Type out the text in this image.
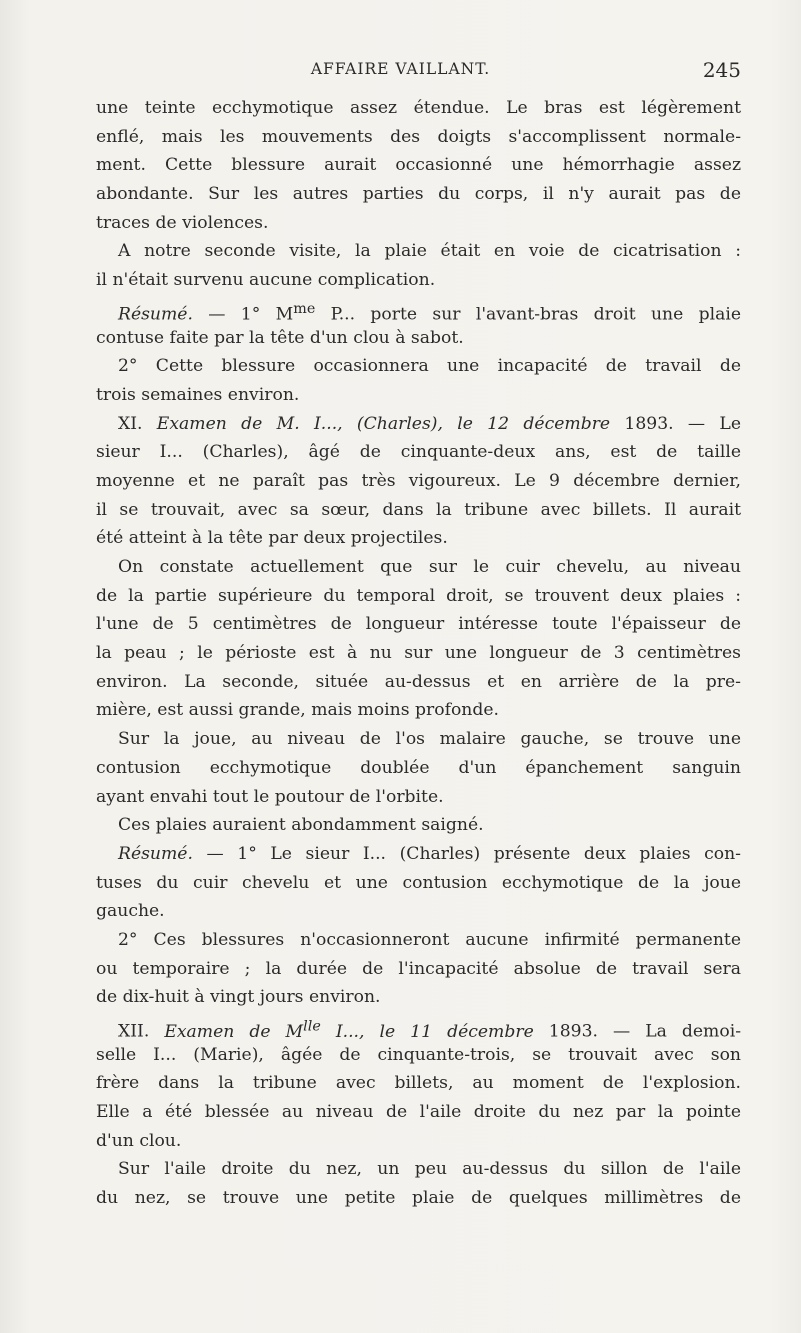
AFFAIRE VAILLANT.	245
une teinte ecchymotique assez étendue. Le bras est légèrement
enflé, mais les mouvements des doigts s'accomplissent normale-
ment. Cette blessure aurait occasionné une hémorrhagie assez
abondante. Sur les autres parties du corps, il n'y aurait pas de
traces de violences.
A notre seconde visite, la plaie était en voie de cicatrisation :
il n'était survenu aucune complication.
Résumé. — 1° $M^{me}$ P... porte sur l'avant-bras droit une plaie
contuse faite par la tête d'un clou à sabot.
2° Cette blessure occasionnera une incapacité de travail de
trois semaines environ.
XI. Examen de M. I..., (Charles), le 12 décembre 1893. — Le
sieur I... (Charles), âgé de cinquante-deux ans, est de taille
moyenne et ne paraît pas très vigoureux. Le 9 décembre dernier,
il se trouvait, avec sa sœur, dans la tribune avec billets. Il aurait
été atteint à la tête par deux projectiles.
On constate actuellement que sur le cuir chevelu, au niveau
de la partie supérieure du temporal droit, se trouvent deux plaies :
l'une de 5 centimètres de longueur intéresse toute l'épaisseur de
la peau ; le périoste est à nu sur une longueur de 3 centimètres
environ. La seconde, située au-dessus et en arrière de la pre-
mière, est aussi grande, mais moins profonde.
Sur la joue, au niveau de l'os malaire gauche, se trouve une
contusion ecchymotique doublée d'un épanchement sanguin
ayant envahi tout le poutour de l'orbite.
Ces plaies auraient abondamment saigné.
Résumé. — 1° Le sieur I... (Charles) présente deux plaies con-
tuses du cuir chevelu et une contusion ecchymotique de la joue
gauche.
2° Ces blessures n'occasionneront aucune infirmité permanente
ou temporaire ; la durée de l'incapacité absolue de travail sera
de dix-huit à vingt jours environ.
XII. Examen de $M^{lle}$ I..., le 11 décembre 1893. — La demoi-
selle I... (Marie), âgée de cinquante-trois, se trouvait avec son
frère dans la tribune avec billets, au moment de l'explosion.
Elle a été blessée au niveau de l'aile droite du nez par la pointe
d'un clou.
Sur l'aile droite du nez, un peu au-dessus du sillon de l'aile
du nez, se trouve une petite plaie de quelques millimètres de
